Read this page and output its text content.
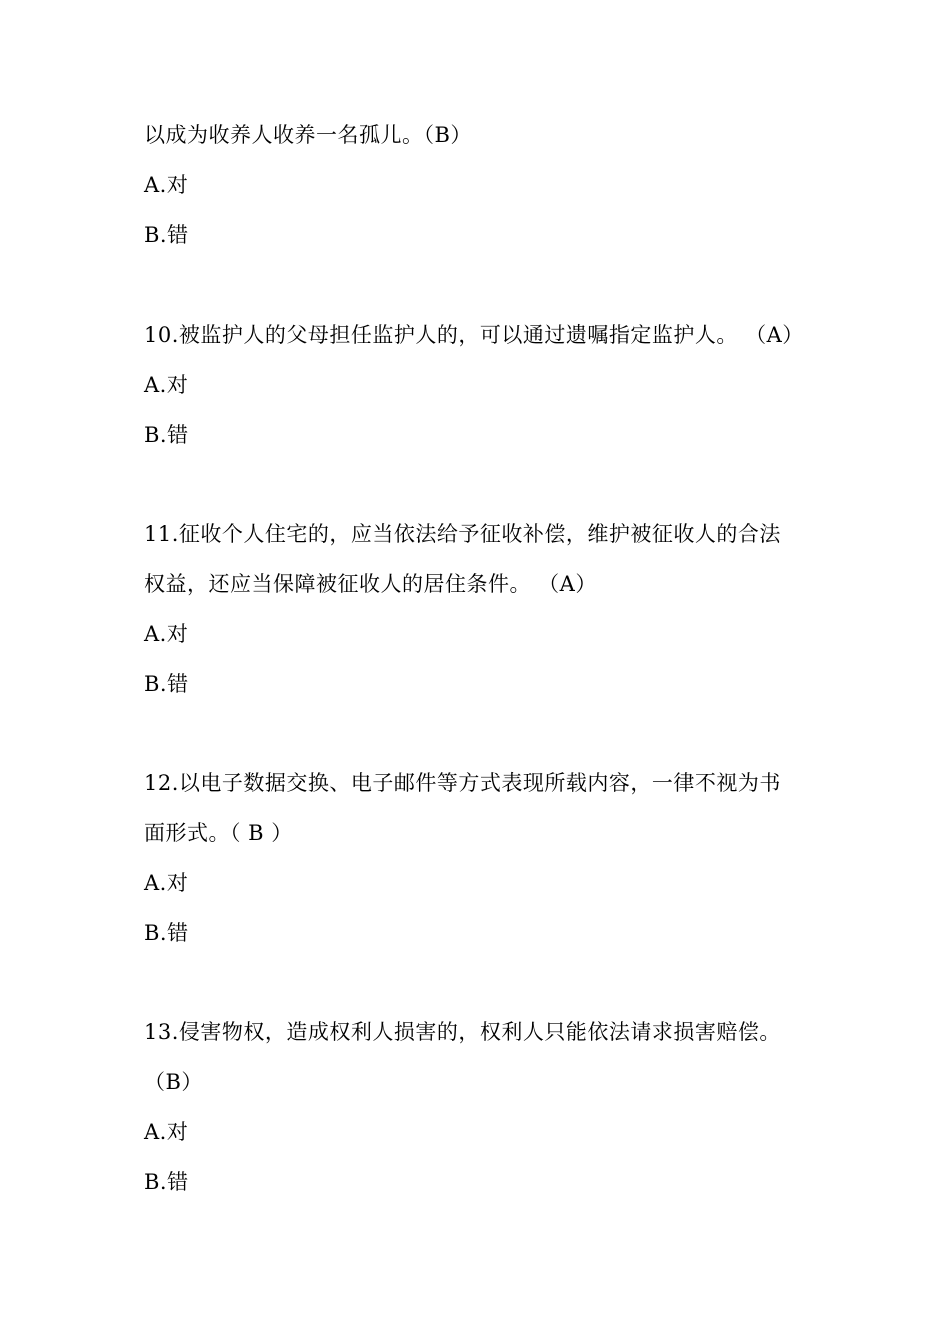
以成为收养人收养一名孤儿。（B）
A.对
B.错
10.被监护人的父母担任监护人的，可以通过遗嘱指定监护人。 （A）
A.对
B.错
11.征收个人住宅的，应当依法给予征收补偿，维护被征收人的合法
权益，还应当保障被征收人的居住条件。 （A）
A.对
B.错
12.以电子数据交换、电子邮件等方式表现所载内容，一律不视为书
面形式。（ B ）
A.对
B.错
13.侵害物权，造成权利人损害的，权利人只能依法请求损害赔偿。
（B）
A.对
B.错
